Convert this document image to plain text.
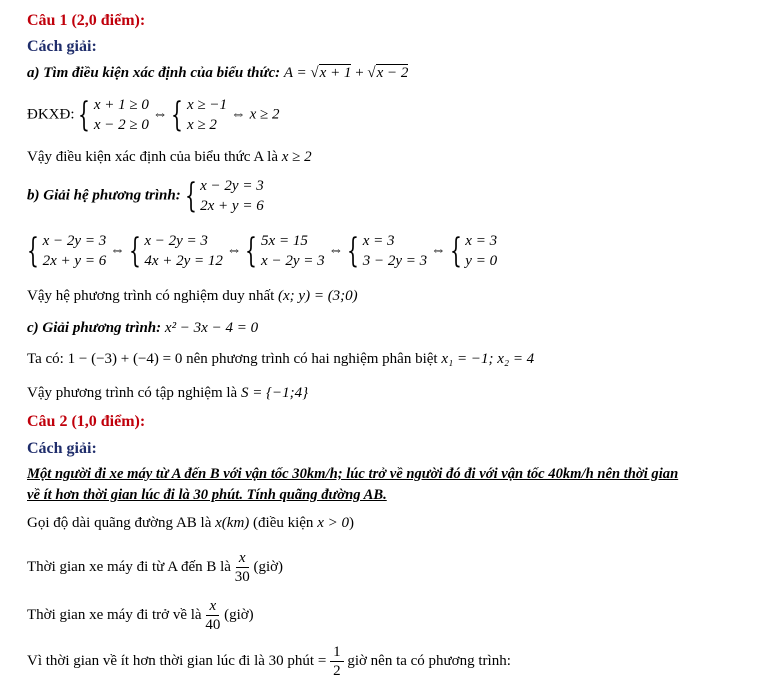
Câu 1 (2,0 điểm):
Cách giải:
a) Tìm điều kiện xác định của biểu thức: A = √x + 1 + √x − 2
ĐKXĐ: { x + 1 ≥ 0
x − 2 ≥ 0
⇔ { x ≥ −1
x ≥ 2
⇔ x ≥ 2
Vậy điều kiện xác định của biểu thức A là x ≥ 2
b) Giải hệ phương trình: { x − 2y = 3
2x + y = 6
{ x − 2y = 3
2x + y = 6
⇔ { x − 2y = 3
4x + 2y = 12
⇔ { 5x = 15
x − 2y = 3
⇔ { x = 3
3 − 2y = 3
⇔ { x = 3
y = 0
Vậy hệ phương trình có nghiệm duy nhất (x; y) = (3;0)
c) Giải phương trình: x² − 3x − 4 = 0
Ta có: 1 − (−3) + (−4) = 0 nên phương trình có hai nghiệm phân biệt x₁ = −1; x₂ = 4
Vậy phương trình có tập nghiệm là S = {−1;4}
Câu 2 (1,0 điểm):
Cách giải:
Một người đi xe máy từ A đến B với vận tốc 30km/h; lúc trở về người đó đi với vận tốc 40km/h nên thời gian
về ít hơn thời gian lúc đi là 30 phút. Tính quãng đường AB.
Gọi độ dài quãng đường AB là x(km) (điều kiện x > 0)
Thời gian xe máy đi từ A đến B là $\frac{x}{30}$ (giờ)
Thời gian xe máy đi trở về là $\frac{x}{40}$ (giờ)
Vì thời gian về ít hơn thời gian lúc đi là 30 phút = $\frac{1}{2}$ giờ nên ta có phương trình:
